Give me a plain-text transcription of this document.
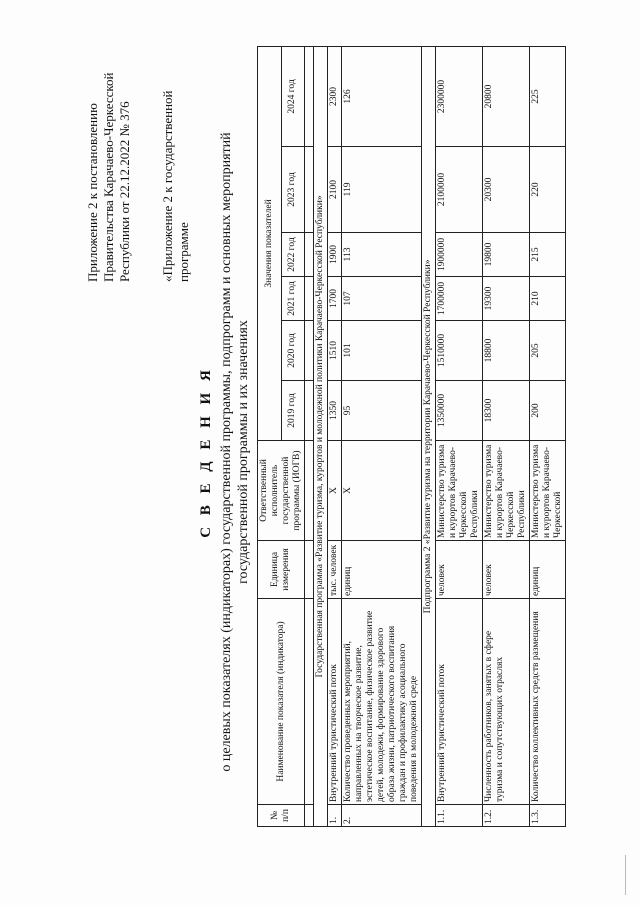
Приложение 2 к постановлению Правительства Карачаево-Черкесской Республики от 22.12.2022 № 376 «Приложение 2 к государственной программе
С В Е Д Е Н И Я о целевых показателях (индикаторах) государственной программы, подпрограмм и основных мероприятий государственной программы и их значениях
№ п/п	Наименование показателя (индикатора)	Единица измерения	Ответственный исполнитель государственной программы (ИОГВ)	Значения показателей					
				2019 год	2020 год	2021 год	2022 год	2023 год	2024 год

Государственная программа «Развитие туризма, курортов и молодежной политики Карачаево-Черкесской Республики»									
1.	Внутренний туристический поток	тыс. человек	Х	1350	1510	1700	1900	2100	2300
2.	Количество проведенных мероприятий, направленных на творческое развитие, эстетическое воспитание, физическое развитие детей, молодежи, формирование здорового образа жизни, патриотического воспитания граждан и профилактику асоциального поведения в молодежной среде	единиц	Х	95	101	107	113	119	126
Подпрограмма 2 «Развитие туризма на территории Карачаево-Черкесской Республики»									
1.1.	Внутренний туристический поток	человек	Министерство туризма и курортов Карачаево-Черкесской Республики	1350000	1510000	1700000	1900000	2100000	2300000
1.2.	Численность работников, занятых в сфере туризма и сопутствующих отраслях	человек	Министерство туризма и курортов Карачаево-Черкесской Республики	18300	18800	19300	19800	20300	20800
1.3.	Количество коллективных средств размещения	единиц	Министерство туризма и курортов Карачаево-Черкесской	200	205	210	215	220	225
